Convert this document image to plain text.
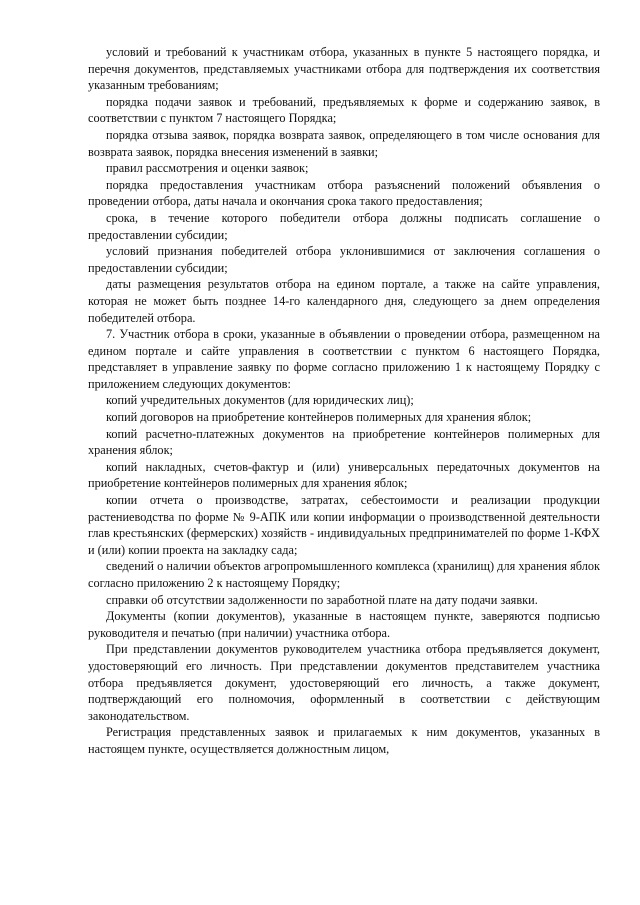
условий и требований к участникам отбора, указанных в пункте 5 настоящего порядка, и перечня документов, представляемых участниками отбора для подтверждения их соответствия указанным требованиям;

порядка подачи заявок и требований, предъявляемых к форме и содержанию заявок, в соответствии с пунктом 7 настоящего Порядка;

порядка отзыва заявок, порядка возврата заявок, определяющего в том числе основания для возврата заявок, порядка внесения изменений в заявки;

правил рассмотрения и оценки заявок;

порядка предоставления участникам отбора разъяснений положений объявления о проведении отбора, даты начала и окончания срока такого предоставления;

срока, в течение которого победители отбора должны подписать соглашение о предоставлении субсидии;

условий признания победителей отбора уклонившимися от заключения соглашения о предоставлении субсидии;

даты размещения результатов отбора на едином портале, а также на сайте управления, которая не может быть позднее 14-го календарного дня, следующего за днем определения победителей отбора.

7. Участник отбора в сроки, указанные в объявлении о проведении отбора, размещенном на едином портале и сайте управления в соответствии с пунктом 6 настоящего Порядка, представляет в управление заявку по форме согласно приложению 1 к настоящему Порядку с приложением следующих документов:

копий учредительных документов (для юридических лиц);

копий договоров на приобретение контейнеров полимерных для хранения яблок;

копий расчетно-платежных документов на приобретение контейнеров полимерных для хранения яблок;

копий накладных, счетов-фактур и (или) универсальных передаточных документов на приобретение контейнеров полимерных для хранения яблок;

копии отчета о производстве, затратах, себестоимости и реализации продукции растениеводства по форме № 9-АПК или копии информации о производственной деятельности глав крестьянских (фермерских) хозяйств - индивидуальных предпринимателей по форме 1-КФХ и (или) копии проекта на закладку сада;

сведений о наличии объектов агропромышленного комплекса (хранилищ) для хранения яблок согласно приложению 2 к настоящему Порядку;

справки об отсутствии задолженности по заработной плате на дату подачи заявки.

Документы (копии документов), указанные в настоящем пункте, заверяются подписью руководителя и печатью (при наличии) участника отбора.

При представлении документов руководителем участника отбора предъявляется документ, удостоверяющий его личность. При представлении документов представителем участника отбора предъявляется документ, удостоверяющий его личность, а также документ, подтверждающий его полномочия, оформленный в соответствии с действующим законодательством.

Регистрация представленных заявок и прилагаемых к ним документов, указанных в настоящем пункте, осуществляется должностным лицом,
